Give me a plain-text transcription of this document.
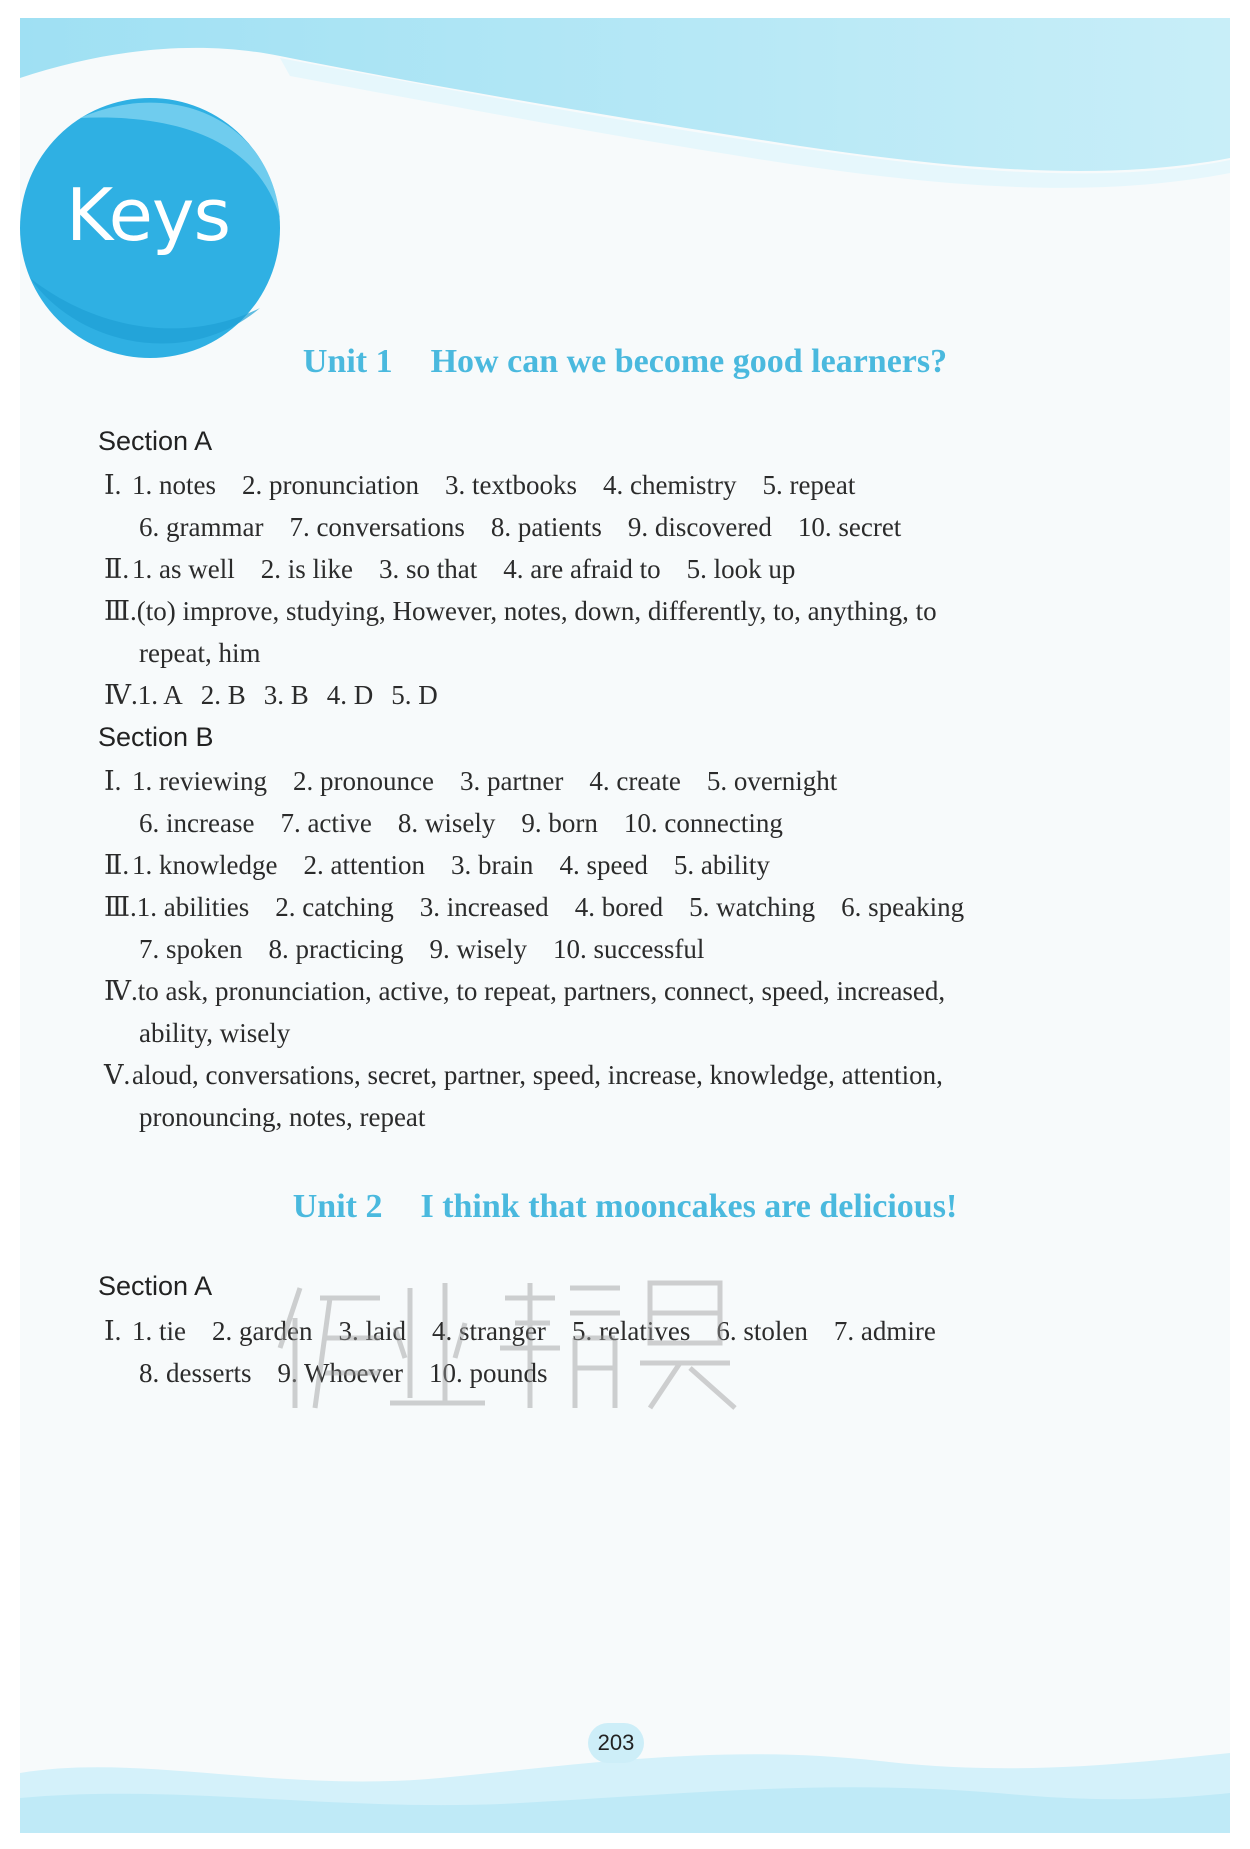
Keys
Unit 1 How can we become good learners?

Section A

Ⅰ. 1. notes 2. pronunciation 3. textbooks 4. chemistry 5. repeat

6. grammar 7. conversations 8. patients 9. discovered 10. secret

Ⅱ. 1. as well 2. is like 3. so that 4. are afraid to 5. look up

Ⅲ.(to) improve, studying, However, notes, down, differently, to, anything, to

repeat, him

Ⅳ.1. A 2. B 3. B 4. D 5. D

Section B

Ⅰ. 1. reviewing 2. pronounce 3. partner 4. create 5. overnight

6. increase 7. active 8. wisely 9. born 10. connecting

Ⅱ. 1. knowledge 2. attention 3. brain 4. speed 5. ability

Ⅲ.1. abilities 2. catching 3. increased 4. bored 5. watching 6. speaking

7. spoken 8. practicing 9. wisely 10. successful

Ⅳ.to ask, pronunciation, active, to repeat, partners, connect, speed, increased,

ability, wisely

Ⅴ.aloud, conversations, secret, partner, speed, increase, knowledge, attention,

pronouncing, notes, repeat

Unit 2 I think that mooncakes are delicious!

Section A

Ⅰ. 1. tie 2. garden 3. laid 4. stranger 5. relatives 6. stolen 7. admire

8. desserts 9. Whoever 10. pounds

203
